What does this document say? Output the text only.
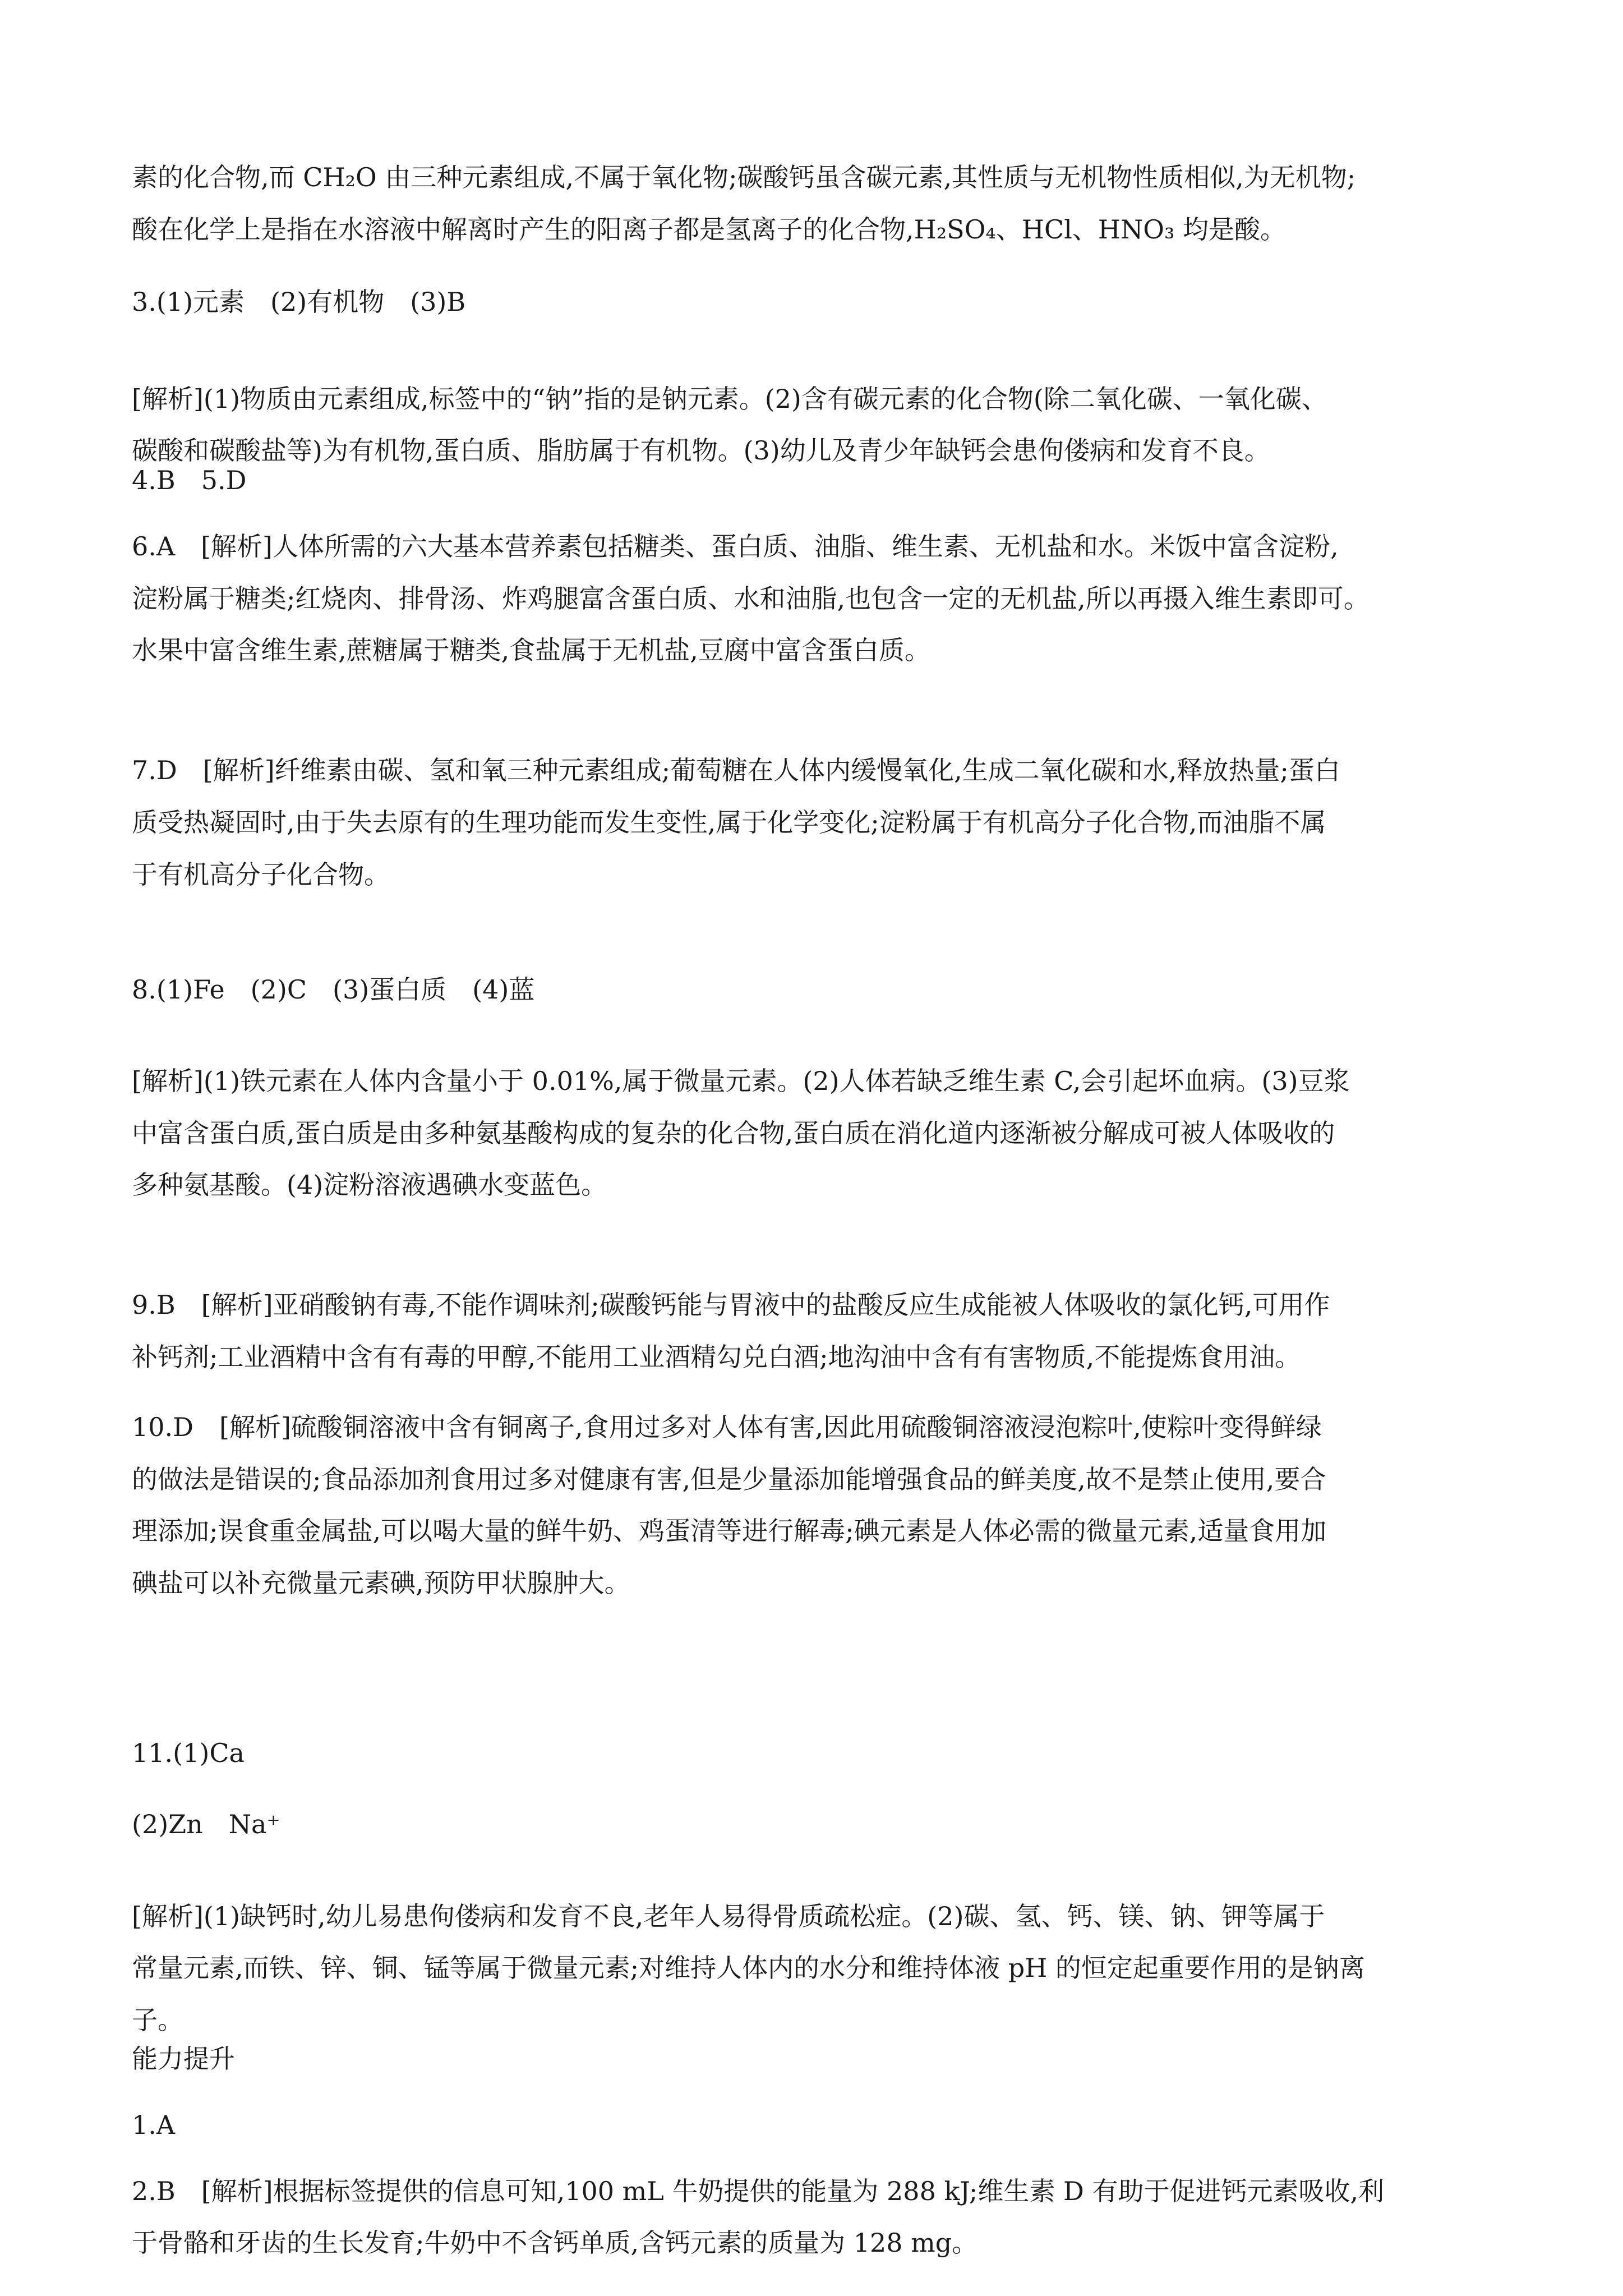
素的化合物,而 CH₂O 由三种元素组成,不属于氧化物;碳酸钙虽含碳元素,其性质与无机物性质相似,为无机物;
酸在化学上是指在水溶液中解离时产生的阳离子都是氢离子的化合物,H₂SO₄、HCl、HNO₃ 均是酸。
3.(1)元素　(2)有机物　(3)B
[解析](1)物质由元素组成,标签中的“钠”指的是钠元素。(2)含有碳元素的化合物(除二氧化碳、一氧化碳、
碳酸和碳酸盐等)为有机物,蛋白质、脂肪属于有机物。(3)幼儿及青少年缺钙会患佝偻病和发育不良。
4.B　5.D
6.A　[解析]人体所需的六大基本营养素包括糖类、蛋白质、油脂、维生素、无机盐和水。米饭中富含淀粉,
淀粉属于糖类;红烧肉、排骨汤、炸鸡腿富含蛋白质、水和油脂,也包含一定的无机盐,所以再摄入维生素即可。
水果中富含维生素,蔗糖属于糖类,食盐属于无机盐,豆腐中富含蛋白质。
7.D　[解析]纤维素由碳、氢和氧三种元素组成;葡萄糖在人体内缓慢氧化,生成二氧化碳和水,释放热量;蛋白
质受热凝固时,由于失去原有的生理功能而发生变性,属于化学变化;淀粉属于有机高分子化合物,而油脂不属
于有机高分子化合物。
8.(1)Fe　(2)C　(3)蛋白质　(4)蓝
[解析](1)铁元素在人体内含量小于 0.01%,属于微量元素。(2)人体若缺乏维生素 C,会引起坏血病。(3)豆浆
中富含蛋白质,蛋白质是由多种氨基酸构成的复杂的化合物,蛋白质在消化道内逐渐被分解成可被人体吸收的
多种氨基酸。(4)淀粉溶液遇碘水变蓝色。
9.B　[解析]亚硝酸钠有毒,不能作调味剂;碳酸钙能与胃液中的盐酸反应生成能被人体吸收的氯化钙,可用作
补钙剂;工业酒精中含有有毒的甲醇,不能用工业酒精勾兑白酒;地沟油中含有有害物质,不能提炼食用油。
10.D　[解析]硫酸铜溶液中含有铜离子,食用过多对人体有害,因此用硫酸铜溶液浸泡粽叶,使粽叶变得鲜绿
的做法是错误的;食品添加剂食用过多对健康有害,但是少量添加能增强食品的鲜美度,故不是禁止使用,要合
理添加;误食重金属盐,可以喝大量的鲜牛奶、鸡蛋清等进行解毒;碘元素是人体必需的微量元素,适量食用加
碘盐可以补充微量元素碘,预防甲状腺肿大。
11.(1)Ca
(2)Zn　Na⁺
[解析](1)缺钙时,幼儿易患佝偻病和发育不良,老年人易得骨质疏松症。(2)碳、氢、钙、镁、钠、钾等属于
常量元素,而铁、锌、铜、锰等属于微量元素;对维持人体内的水分和维持体液 pH 的恒定起重要作用的是钠离
子。
能力提升
1.A
2.B　[解析]根据标签提供的信息可知,100 mL 牛奶提供的能量为 288 kJ;维生素 D 有助于促进钙元素吸收,利
于骨骼和牙齿的生长发育;牛奶中不含钙单质,含钙元素的质量为 128 mg。
